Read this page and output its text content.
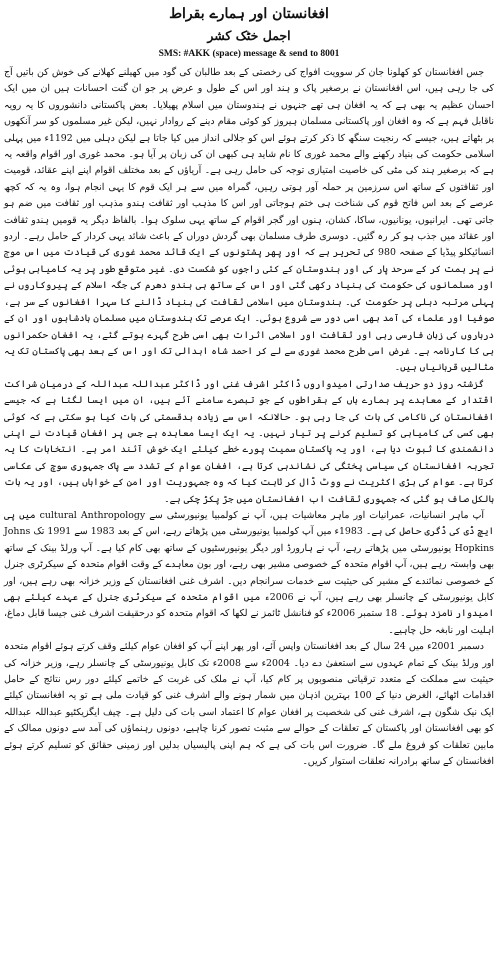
افغانستان اور ہمارے بقراط
اجمل خٹک کشر
SMS: #AKK (space) message & send to 8001

جس افغانستان کو کھلونا جان کر سوویت افواج کی رخصتی کے بعد طالبان کی گود میں کھیلنے کھلانے کی خوش کن باتیں آج کی جا رہی ہیں، اس افغانستان نے برصغیر پاک و ہند اور اس کے طول و عرض پر جو ان گنت احسانات ہیں ان میں ایک احسان عظیم یہ بھی ہے کہ یہ افغان ہی تھے جنہوں نے ہندوستان میں اسلام پھیلایا۔ بعض پاکستانی دانشوروں کا یہ رویہ ناقابل فہم ہے کہ وہ افغان اور پاکستانی مسلمان ہیروز کو کوئی مقام دینے کے روادار نہیں، لیکن غیر مسلموں کو سر آنکھوں پر بٹھاتے ہیں، جیسے کہ رنجیت سنگھ کا ذکر کرتے ہوئے اس کو جلالی انداز میں کیا جاتا ہے لیکن دہلی میں 1192ء میں پہلی اسلامی حکومت کی بنیاد رکھنے والے محمد غوری کا نام شاید ہی کبھی ان کی زبان پر آیا ہو۔ محمد غوری اور اقوام واقعہ یہ ہے کہ برصغیر ہند کی مٹی کی خاصیت امتیازی توجہ کی حامل رہی ہے۔ آریاؤں کے بعد مختلف اقوام اپنے اپنے عقائد، قومیت اور ثقافتوں کے ساتھ اس سرزمین پر حملہ آور ہوتی رہیں، گمراہ میں سے ہر ایک قوم کا یہی انجام ہوا، وہ یہ کہ کچھ عرصے کے بعد اس فاتح قوم کی شناخت ہی ختم ہوجاتی اور اس کا مذہب اور ثقافت ہندو مذہب اور ثقافت میں ضم ہو جاتی تھی۔ ایرانیوں، یونانیوں، ساکا، کشان، ہنوں اور گجر اقوام کے ساتھ یہی سلوک ہوا۔ بالفاظ دیگر یہ قومیں ہندو ثقافت اور عقائد میں جذب ہو کر رہ گئیں۔ دوسری طرف مسلمان بھی گردش دوراں کے باعث شائد یہی کردار کے حامل رہے۔ اردو انسائیکلو پیڈیا کے صفحہ 980 کی تحریر ہے کہ اور پھر پشتونوں کے ایک قائد محمد غوری کی قیادت میں اس موج نے پر ہمت کر کے سرحد پار کی اور ہندوستان کے کئی راجوں کو شکست دی۔ غیر متوقع طور پر یہ کامیابی ہوئی اور مسلمانوں کی حکومت کی بنیاد رکھی گئی اور اس کے ساتھ ہی ہندو دھرم کی جگہ اسلام کے پیروکاروں نے پہلی مرتبہ دہلی پر حکومت کی۔ ہندوستان میں اسلامی ثقافت کی بنیاد ڈالنے کا سہرا افغانوں کے سر ہے، صوفیا اور علماء کی آمد بھی اسی دور سے شروع ہوئی۔ ایک عرصے تک ہندوستان میں مسلمان بادشاہوں اور ان کے درباروں کی زبان فارسی رہی اور ثقافت اور اسلامی اثرات بھی اسی طرح گہرے ہوتے گئے، یہ افغان حکمرانوں ہی کا کارنامہ ہے۔ غرض اسی طرح محمد غوری سے لے کر احمد شاہ ابدالی تک اور اس کے بعد بھی پاکستان تک یہ مثالیں قربانیاں ہیں۔

گزشتہ روز دو حریف صدارتی امیدواروں ڈاکٹر اشرف غنی اور ڈاکٹر عبداللہ عبداللہ کے درمیان شراکت اقتدار کے معاہدے پر ہمارے ہاں کے بقراطوں کے جو تبصرے سامنے آئے ہیں، ان میں ایسا لگتا ہے کہ جیسے افغانستان کی ناکامی کی بات کی جا رہی ہو۔ حالانکہ اس سے زیادہ بدقسمتی کی بات کیا ہو سکتی ہے کہ کوئی بھی کسی کی کامیابی کو تسلیم کرنے پر تیار نہیں۔ یہ ایک ایسا معاہدہ ہے جس پر افغان قیادت نے اپنی دانشمندی کا ثبوت دیا ہے، اور یہ پاکستان سمیت پورے خطے کیلئے ایک خوش آئند امر ہے۔ انتخابات کا یہ تجربہ افغانستان کی سیاسی پختگی کی نشاندہی کرتا ہے، افغان عوام کے تشدد سے پاک جمہوری سوچ کی عکاسی کرتا ہے۔ عوام کی بڑی اکثریت نے ووٹ ڈال کر ثابت کیا کہ وہ جمہوریت اور امن کے خواہاں ہیں، اور یہ بات بالکل صاف ہو گئی کہ جمہوری ثقافت اب افغانستان میں جڑ پکڑ چکی ہے۔

آپ ماہر انسانیات، عمرانیات اور ماہر معاشیات ہیں، آپ نے کولمبیا یونیورسٹی سے cultural Anthropology میں پی ایچ ڈی کی ڈگری حاصل کی ہے۔ 1983ء میں آپ کولمبیا یونیورسٹی میں پڑھاتے رہے، اس کے بعد 1983 سے 1991 تک Johns Hopkins یونیورسٹی میں پڑھاتے رہے، آپ نے ہارورڈ اور دیگر یونیورسٹیوں کے ساتھ بھی کام کیا ہے۔ آپ ورلڈ بینک کے ساتھ بھی وابستہ رہے ہیں، آپ اقوام متحدہ کے خصوصی مشیر بھی رہے، اور بون معاہدے کے وقت اقوام متحدہ کے سیکرٹری جنرل کے خصوصی نمائندے کے مشیر کی حیثیت سے خدمات سرانجام دیں۔ اشرف غنی افغانستان کے وزیر خزانہ بھی رہے ہیں، اور کابل یونیورسٹی کے چانسلر بھی رہے ہیں، آپ نے 2006ء میں اقوام متحدہ کے سیکرٹری جنرل کے عہدے کیلئے بھی امیدوار نامزد ہوئے۔ 18 ستمبر 2006ء کو فنانشل ٹائمز نے لکھا کہ اقوام متحدہ کو درحقیقت اشرف غنی جیسا قابل دماغ، اہلیت اور نابغہ حل چاہیے۔

دسمبر 2001ء میں 24 سال کے بعد افغانستان واپس آئے، اور پھر اپنے آپ کو افغان عوام کیلئے وقف کرتے ہوئے اقوام متحدہ اور ورلڈ بینک کے تمام عہدوں سے استعفیٰ دے دیا۔ 2004ء سے 2008ء تک کابل یونیورسٹی کے چانسلر رہے، وزیر خزانہ کی حیثیت سے مملکت کے متعدد ترقیاتی منصوبوں پر کام کیا، آپ نے ملک کی غربت کے خاتمے کیلئے دور رس نتائج کے حامل اقدامات اٹھائے، الغرض دنیا کے 100 بہترین اذہان میں شمار ہونے والے اشرف غنی کو قیادت ملی ہے تو یہ افغانستان کیلئے ایک نیک شگون ہے، اشرف غنی کی شخصیت پر افغان عوام کا اعتماد اسی بات کی دلیل ہے۔ چیف ایگزیکٹیو عبداللہ عبداللہ کو بھی افغانستان اور پاکستان کے تعلقات کے حوالے سے مثبت تصور کرنا چاہیے، دونوں رہنماؤں کی آمد سے دونوں ممالک کے مابین تعلقات کو فروغ ملے گا۔ ضرورت اس بات کی ہے کہ ہم اپنی پالیسیاں بدلیں اور زمینی حقائق کو تسلیم کرتے ہوئے افغانستان کے ساتھ برادرانہ تعلقات استوار کریں۔
